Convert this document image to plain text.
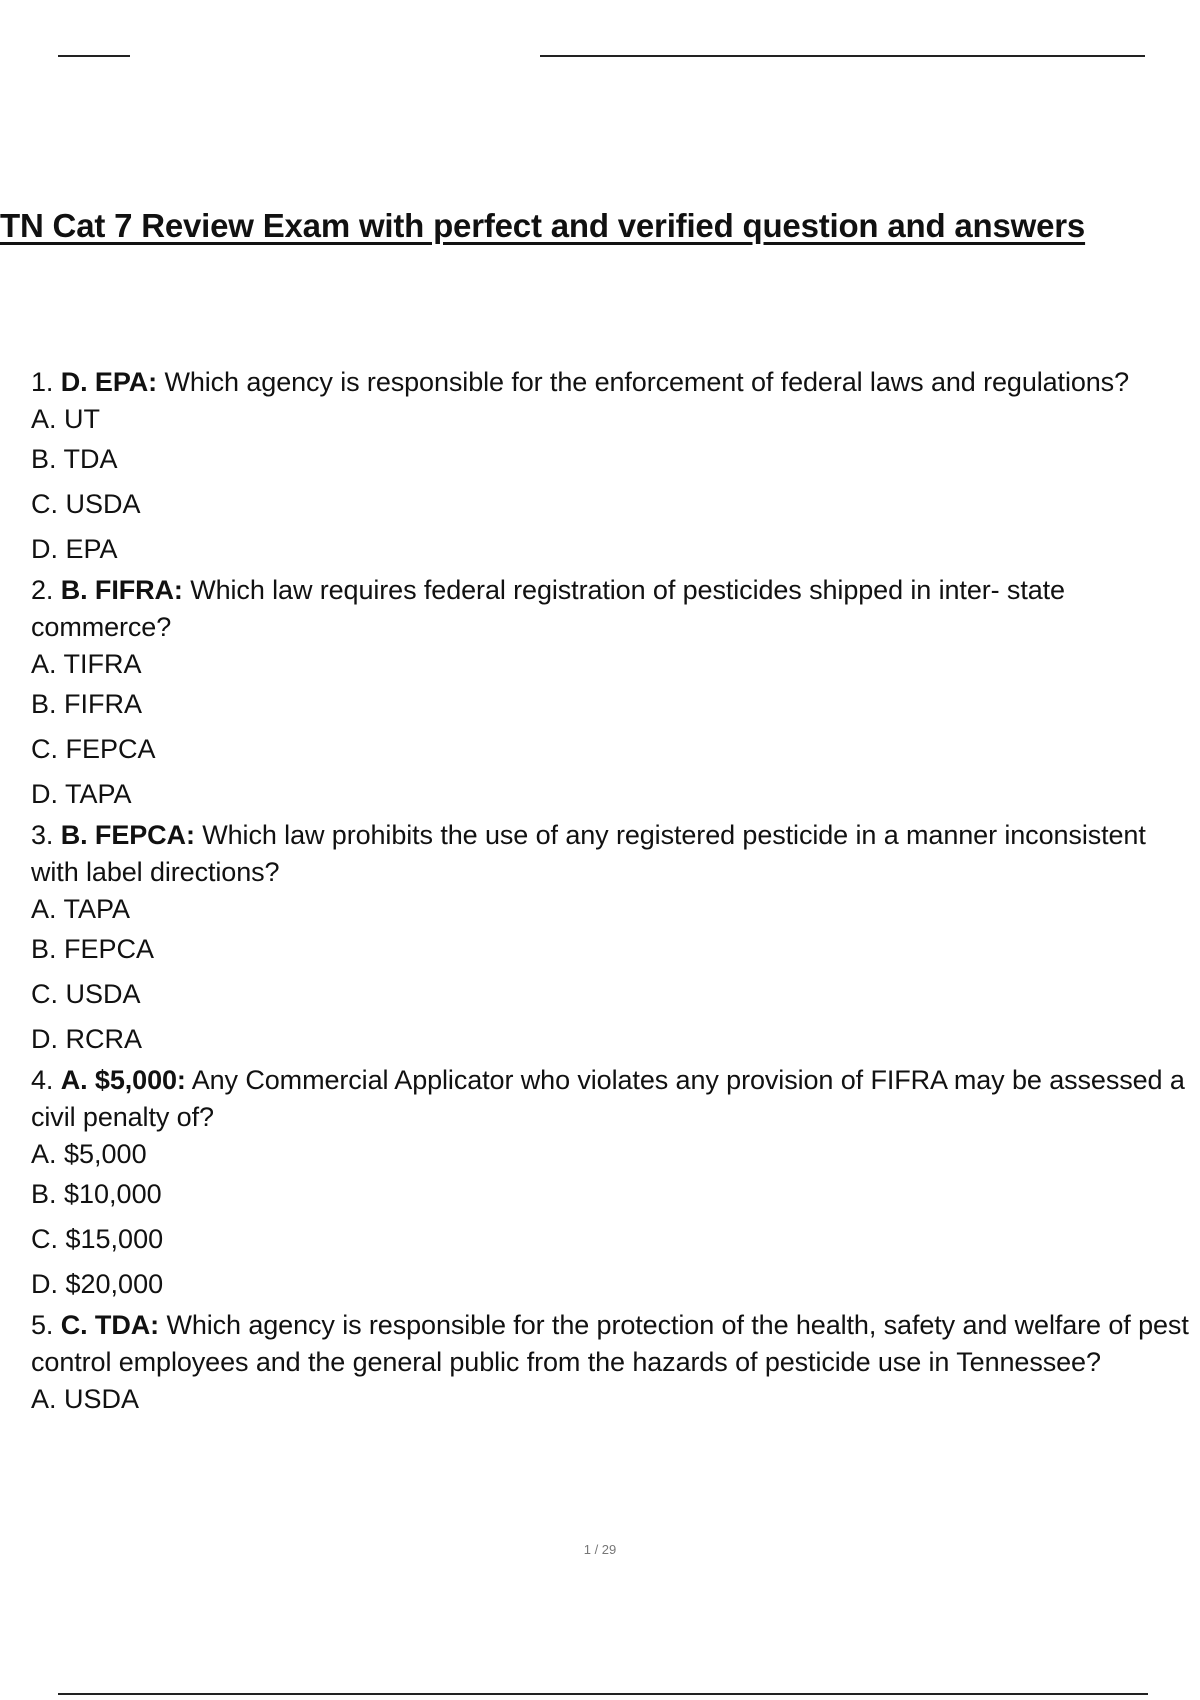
TN Cat 7 Review Exam with perfect and verified question and answers
1. D. EPA: Which agency is responsible for the enforcement of federal laws and regulations?
A. UT
B. TDA
C. USDA
D. EPA
2. B. FIFRA: Which law requires federal registration of pesticides shipped in inter- state commerce?
A. TIFRA
B. FIFRA
C. FEPCA
D. TAPA
3. B. FEPCA: Which law prohibits the use of any registered pesticide in a manner inconsistent with label directions?
A. TAPA
B. FEPCA
C. USDA
D. RCRA
4. A. $5,000: Any Commercial Applicator who violates any provision of FIFRA may be assessed a civil penalty of?
A. $5,000
B. $10,000
C. $15,000
D. $20,000
5. C. TDA: Which agency is responsible for the protection of the health, safety and welfare of pest control employees and the general public from the hazards of pesticide use in Tennessee?
A. USDA
1 / 29
